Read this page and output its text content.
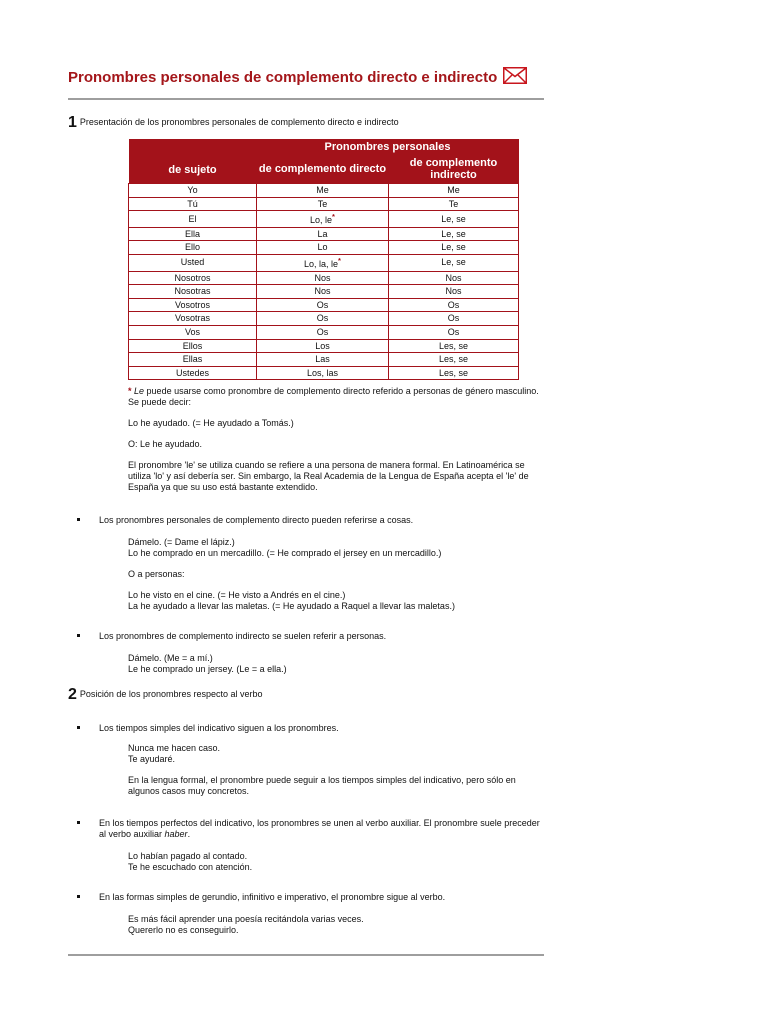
Pronombres personales de complemento directo e indirecto
1 Presentación de los pronombres personales de complemento directo e indirecto
de sujeto	Pronombres personales	
	de complemento directo	de complemento indirecto
Yo	Me	Me
Tú	Te	Te
El	Lo, le*	Le, se
Ella	La	Le, se
Ello	Lo	Le, se
Usted	Lo, la, le*	Le, se
Nosotros	Nos	Nos
Nosotras	Nos	Nos
Vosotros	Os	Os
Vosotras	Os	Os
Vos	Os	Os
Ellos	Los	Les, se
Ellas	Las	Les, se
Ustedes	Los, las	Les, se

* Le puede usarse como pronombre de complemento directo referido a personas de género masculino. Se puede decir:

Lo he ayudado. (= He ayudado a Tomás.)

O: Le he ayudado.

El pronombre 'le' se utiliza cuando se refiere a una persona de manera formal. En Latinoamérica se utiliza 'lo' y así debería ser. Sin embargo, la Real Academia de la Lengua de España acepta el 'le' de España ya que su uso está bastante extendido.

Los pronombres personales de complemento directo pueden referirse a cosas.

Dámelo. (= Dame el lápiz.)

Lo he comprado en un mercadillo. (= He comprado el jersey en un mercadillo.)

O a personas:

Lo he visto en el cine. (= He visto a Andrés en el cine.)

La he ayudado a llevar las maletas. (= He ayudado a Raquel a llevar las maletas.)

Los pronombres de complemento indirecto se suelen referir a personas.

Dámelo. (Me = a mí.)

Le he comprado un jersey. (Le = a ella.)

2 Posición de los pronombres respecto al verbo
Los tiempos simples del indicativo siguen a los pronombres.

Nunca me hacen caso.

Te ayudaré.

En la lengua formal, el pronombre puede seguir a los tiempos simples del indicativo, pero sólo en algunos casos muy concretos.

En los tiempos perfectos del indicativo, los pronombres se unen al verbo auxiliar. El pronombre suele preceder al verbo auxiliar haber.

Lo habían pagado al contado.

Te he escuchado con atención.

En las formas simples de gerundio, infinitivo e imperativo, el pronombre sigue al verbo.

Es más fácil aprender una poesía recitándola varias veces.

Quererlo no es conseguirlo.
